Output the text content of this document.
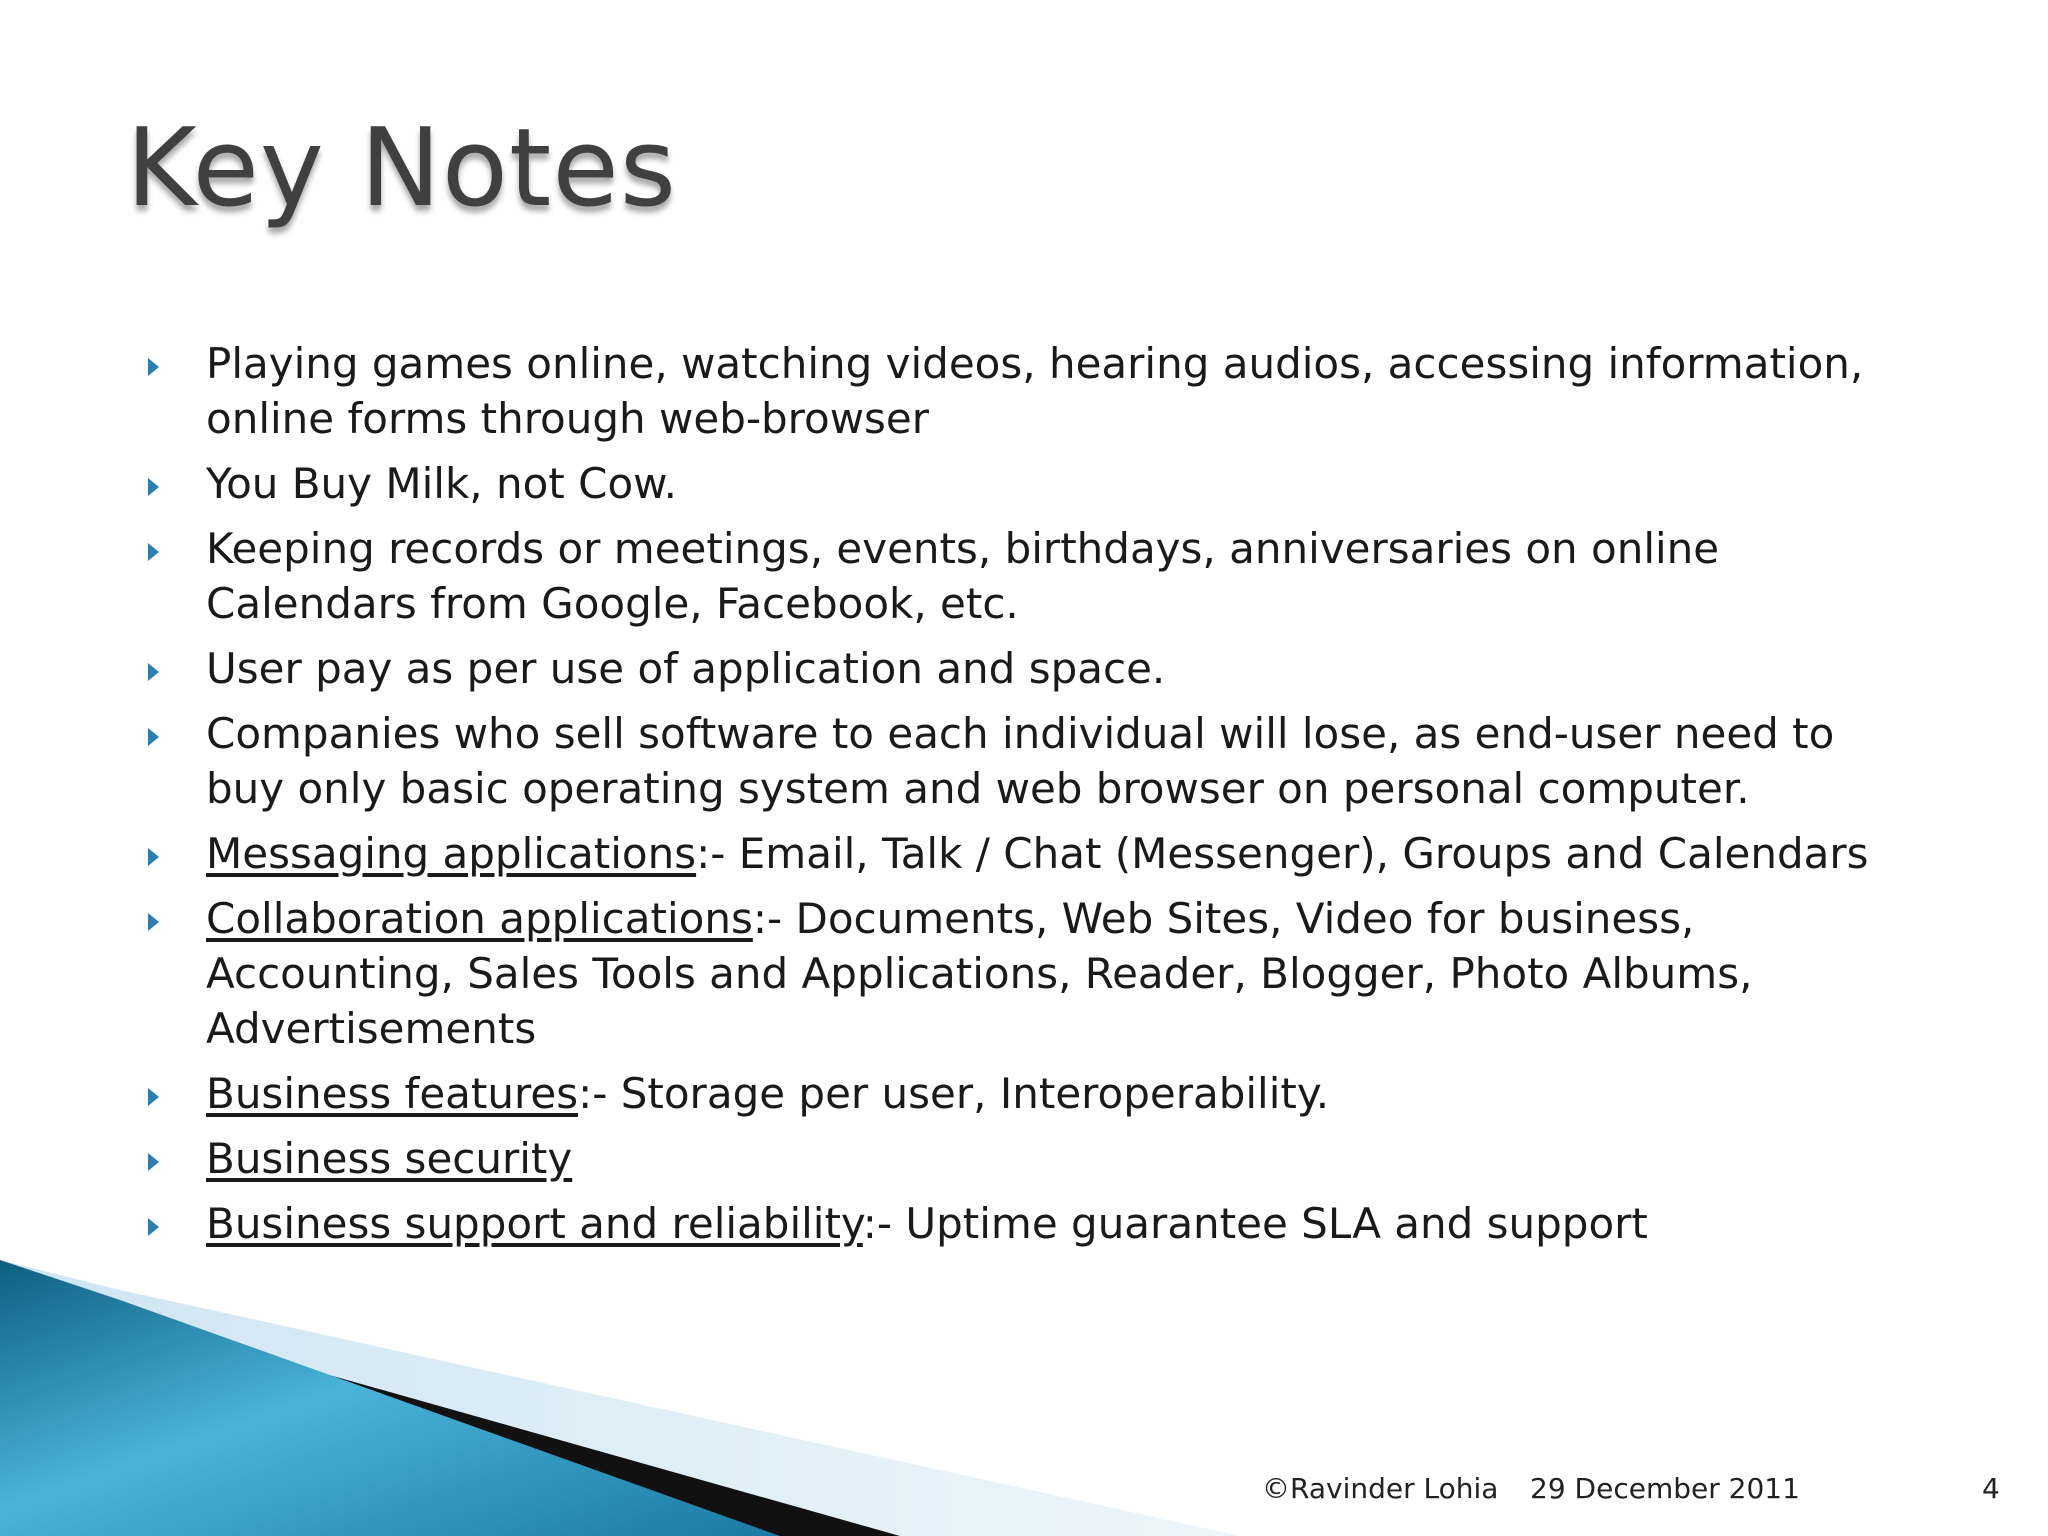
Key Notes
Playing games online, watching videos, hearing audios, accessing information, online forms through web-browser
You Buy Milk, not Cow.
Keeping records or meetings, events, birthdays, anniversaries on online Calendars from Google, Facebook, etc.
User pay as per use of application and space.
Companies who sell software to each individual will lose, as end-user need to buy only basic operating system and web browser on personal computer.
Messaging applications:- Email, Talk / Chat (Messenger), Groups and Calendars
Collaboration applications:- Documents, Web Sites, Video for business, Accounting, Sales Tools and Applications, Reader, Blogger, Photo Albums, Advertisements
Business features:- Storage per user, Interoperability.
Business security
Business support and reliability:- Uptime guarantee SLA and support
©Ravinder Lohia 29 December 2011	4
